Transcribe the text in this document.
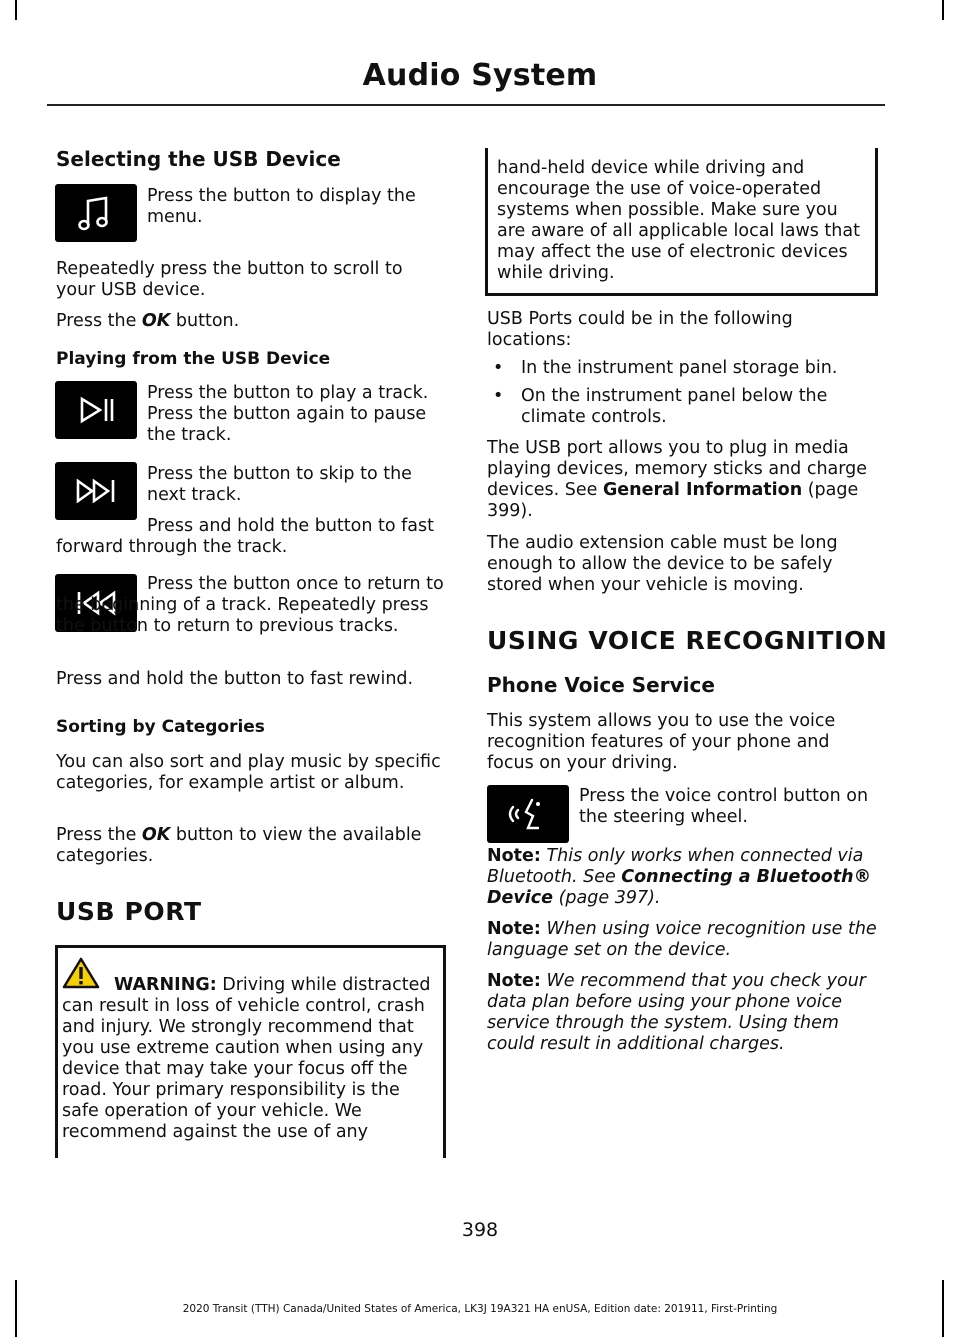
Audio System
Selecting the USB Device
Press the button to display the menu.
Repeatedly press the button to scroll to your USB device.
Press the OK button.
Playing from the USB Device
Press the button to play a track. Press the button again to pause the track.
Press the button to skip to the next track.
Press and hold the button to fast forward through the track.
Press the button once to return to the beginning of a track. Repeatedly press the button to return to previous tracks.
Press and hold the button to fast rewind.
Sorting by Categories
You can also sort and play music by specific categories, for example artist or album.
Press the OK button to view the available categories.
USB PORT
WARNING: Driving while distracted can result in loss of vehicle control, crash and injury. We strongly recommend that you use extreme caution when using any device that may take your focus off the road. Your primary responsibility is the safe operation of your vehicle. We recommend against the use of any
hand-held device while driving and encourage the use of voice-operated systems when possible. Make sure you are aware of all applicable local laws that may affect the use of electronic devices while driving.
USB Ports could be in the following locations:
• In the instrument panel storage bin.
• On the instrument panel below the climate controls.
The USB port allows you to plug in media playing devices, memory sticks and charge devices. See General Information (page 399).
The audio extension cable must be long enough to allow the device to be safely stored when your vehicle is moving.
USING VOICE RECOGNITION
Phone Voice Service
This system allows you to use the voice recognition features of your phone and focus on your driving.
Press the voice control button on the steering wheel.
Note: This only works when connected via Bluetooth. See Connecting a Bluetooth® Device (page 397).
Note: When using voice recognition use the language set on the device.
Note: We recommend that you check your data plan before using your phone voice service through the system. Using them could result in additional charges.
398
2020 Transit (TTH) Canada/United States of America, LK3J 19A321 HA enUSA, Edition date: 201911, First-Printing
